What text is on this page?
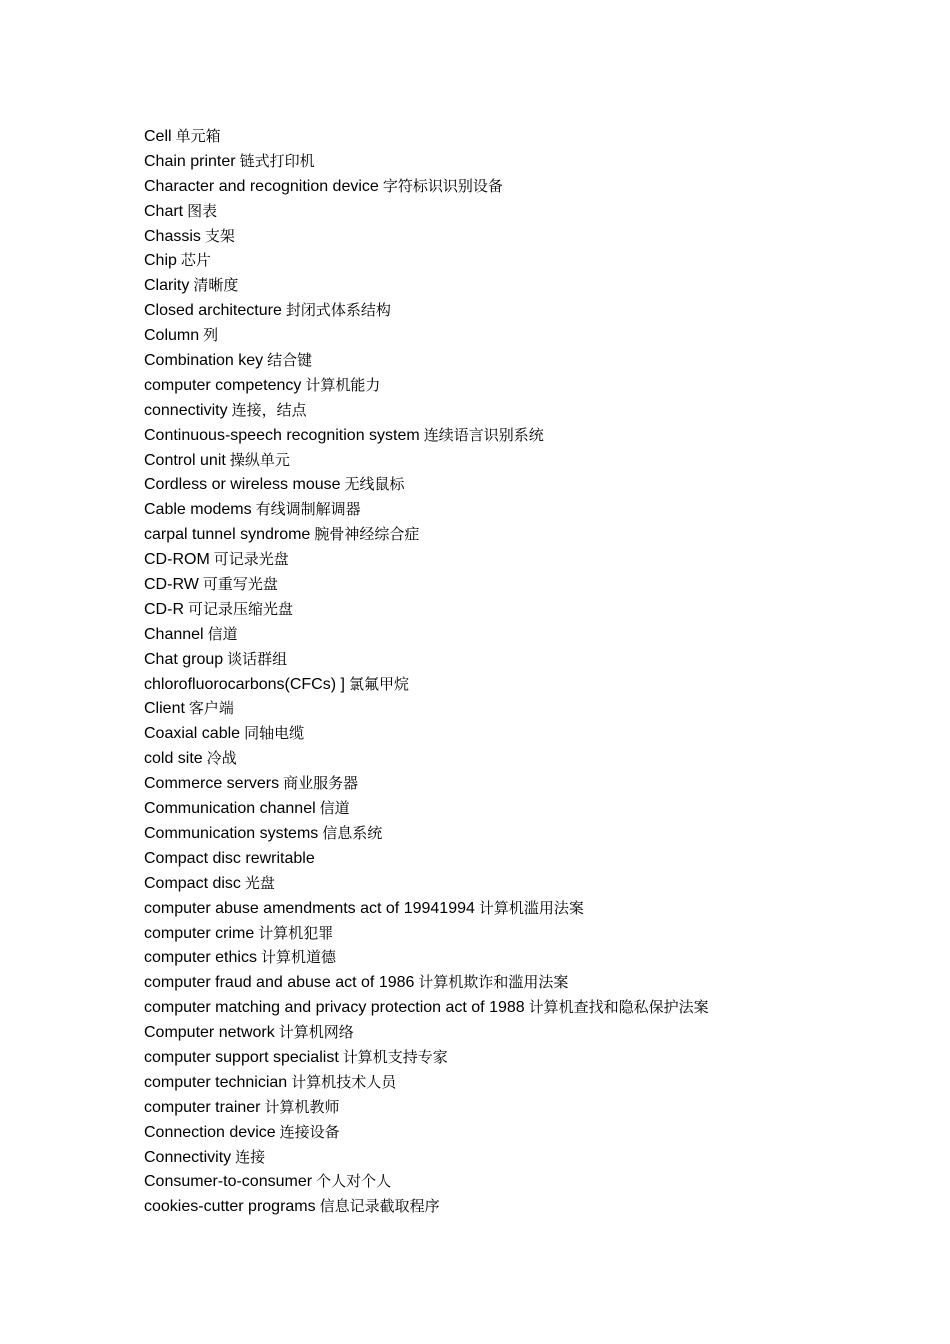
Cell 单元箱
Chain printer 链式打印机
Character and recognition device 字符标识识别设备
Chart 图表
Chassis 支架
Chip 芯片
Clarity 清晰度
Closed architecture 封闭式体系结构
Column 列
Combination key 结合键
computer competency 计算机能力
connectivity 连接，结点
Continuous-speech recognition system 连续语言识别系统
Control unit 操纵单元
Cordless or wireless mouse 无线鼠标
Cable modems 有线调制解调器
carpal tunnel syndrome 腕骨神经综合症
CD-ROM 可记录光盘
CD-RW 可重写光盘
CD-R 可记录压缩光盘
Channel 信道
Chat group 谈话群组
chlorofluorocarbons(CFCs) ] 氯氟甲烷
Client 客户端
Coaxial cable 同轴电缆
cold site 冷战
Commerce servers 商业服务器
Communication channel 信道
Communication systems 信息系统
Compact disc rewritable
Compact disc 光盘
computer abuse amendments act of 19941994 计算机滥用法案
computer crime 计算机犯罪
computer ethics 计算机道德
computer fraud and abuse act of 1986 计算机欺诈和滥用法案
computer matching and privacy protection act of 1988 计算机查找和隐私保护法案
Computer network 计算机网络
computer support specialist 计算机支持专家
computer technician 计算机技术人员
computer trainer 计算机教师
Connection device 连接设备
Connectivity 连接
Consumer-to-consumer 个人对个人
cookies-cutter programs 信息记录截取程序
